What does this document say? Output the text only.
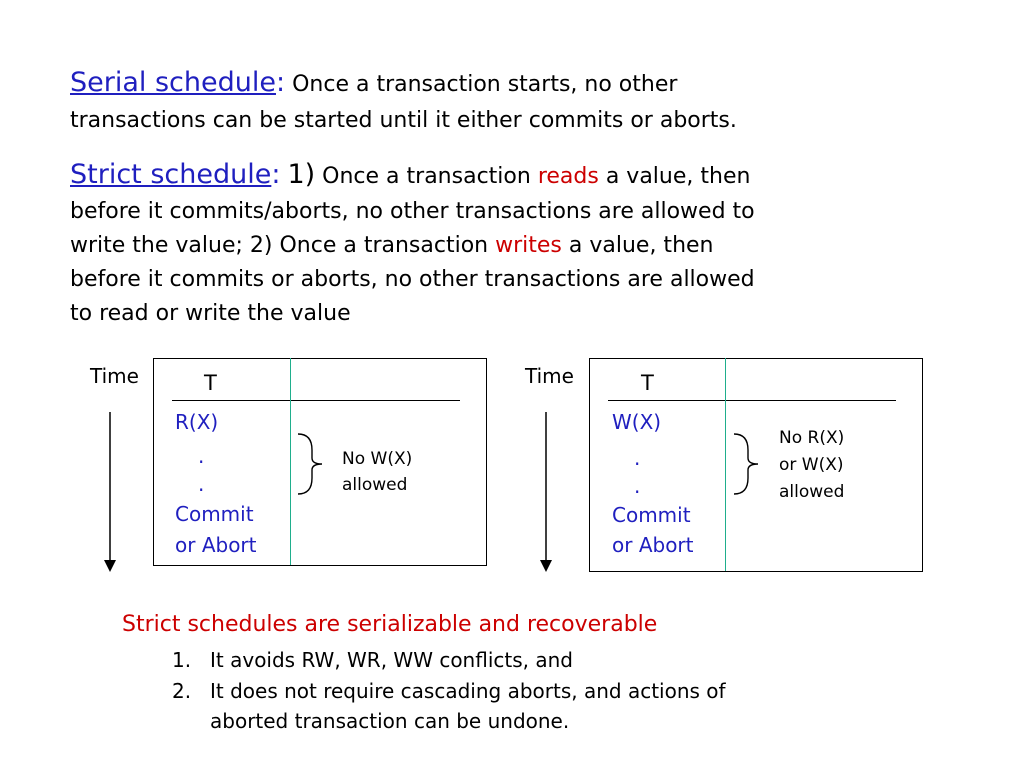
Serial schedule: Once a transaction starts, no other
transactions can be started until it either commits or aborts.
Strict schedule: 1) Once a transaction reads a value, then
before it commits/aborts, no other transactions are allowed to
write the value; 2) Once a transaction writes a value, then
before it commits or aborts, no other transactions are allowed
to read or write the value
Time	T
R(X)
.
.
Commit
or Abort
No W(X)
allowed
Time	T
W(X)
.
.
Commit
or Abort
No R(X)
or W(X)
allowed
Strict schedules are serializable and recoverable
1. It avoids RW, WR, WW conflicts, and
2. It does not require cascading aborts, and actions of
aborted transaction can be undone.
